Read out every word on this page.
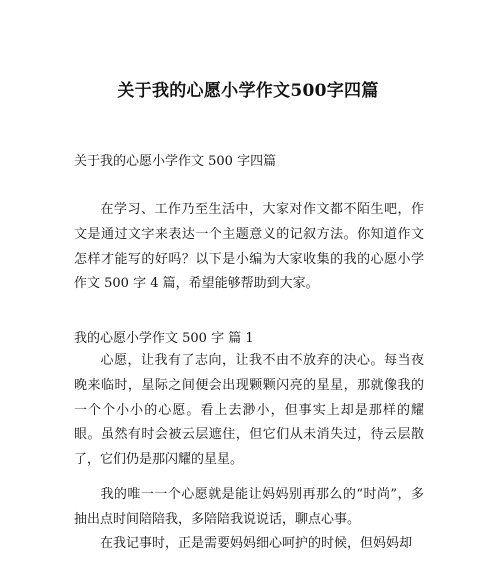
关于我的心愿小学作文500字四篇
关于我的心愿小学作文 500 字四篇
在学习、工作乃至生活中，大家对作文都不陌生吧，作文是通过文字来表达一个主题意义的记叙方法。你知道作文怎样才能写的好吗？以下是小编为大家收集的我的心愿小学作文 500 字 4 篇，希望能够帮助到大家。
我的心愿小学作文 500 字 篇 1
心愿，让我有了志向，让我不由不放弃的决心。每当夜晚来临时，星际之间便会出现颗颗闪亮的星星，那就像我的一个个小小的心愿。看上去渺小，但事实上却是那样的耀眼。虽然有时会被云层遮住，但它们从未消失过，待云层散了，它们仍是那闪耀的星星。
我的唯一一个心愿就是能让妈妈别再那么的“时尚”，多抽出点时间陪陪我，多陪陪我说说话，聊点心事。
在我记事时，正是需要妈妈细心呵护的时候，但妈妈却
